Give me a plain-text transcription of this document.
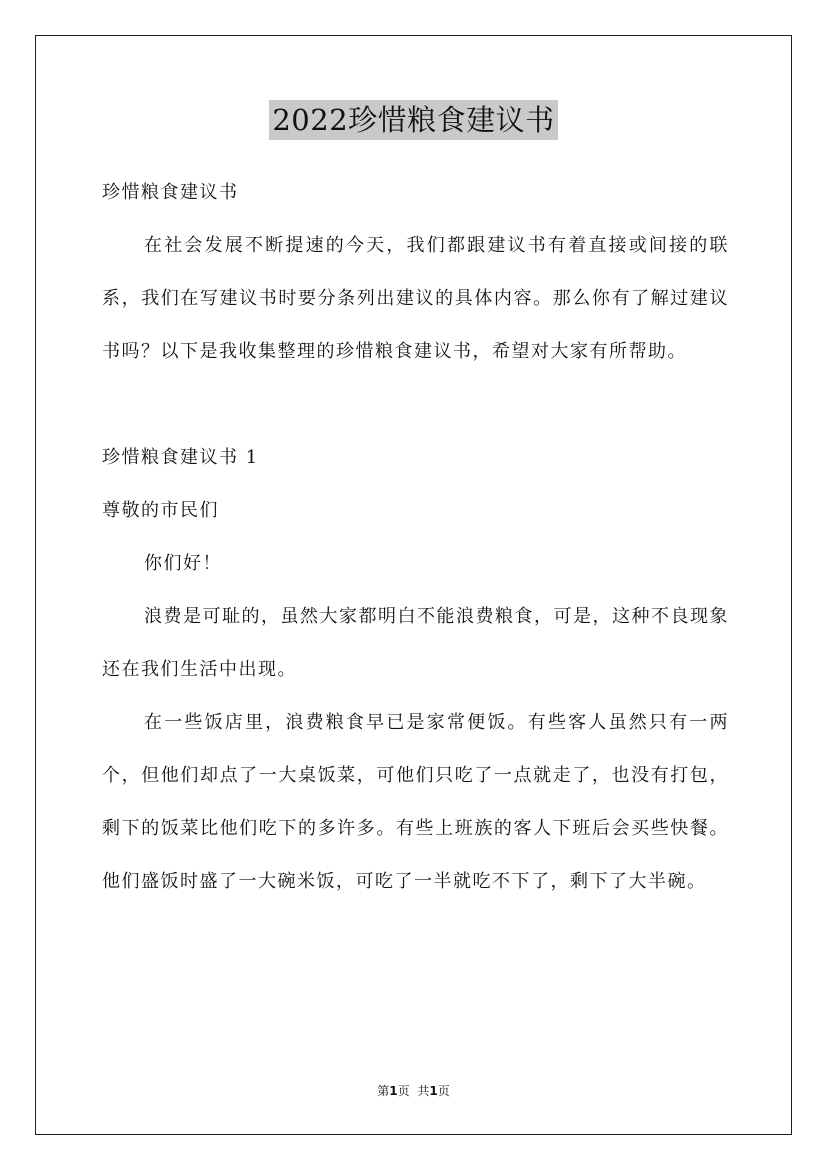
2022珍惜粮食建议书

珍惜粮食建议书

在社会发展不断提速的今天，我们都跟建议书有着直接或间接的联系，我们在写建议书时要分条列出建议的具体内容。那么你有了解过建议书吗？以下是我收集整理的珍惜粮食建议书，希望对大家有所帮助。

珍惜粮食建议书 1

尊敬的市民们

你们好！

浪费是可耻的，虽然大家都明白不能浪费粮食，可是，这种不良现象还在我们生活中出现。

在一些饭店里，浪费粮食早已是家常便饭。有些客人虽然只有一两个，但他们却点了一大桌饭菜，可他们只吃了一点就走了，也没有打包，剩下的饭菜比他们吃下的多许多。有些上班族的客人下班后会买些快餐。他们盛饭时盛了一大碗米饭，可吃了一半就吃不下了，剩下了大半碗。

第1页 共1页
